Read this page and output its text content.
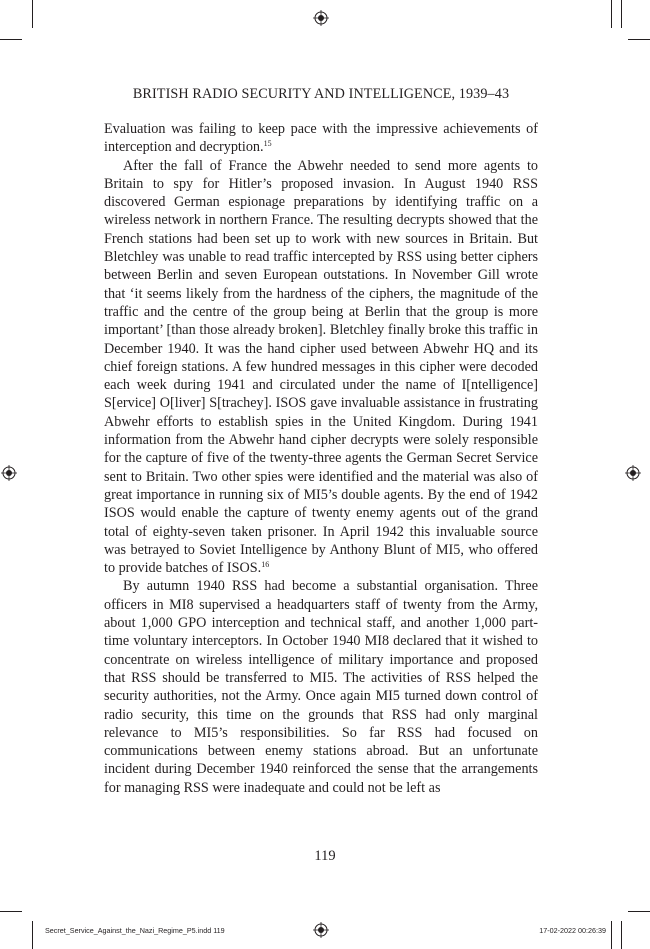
BRITISH RADIO SECURITY AND INTELLIGENCE, 1939–43

Evaluation was failing to keep pace with the impressive achievements of interception and decryption.$^{15}$

After the fall of France the Abwehr needed to send more agents to Britain to spy for Hitler’s proposed invasion. In August 1940 RSS discovered German espionage preparations by identifying traffic on a wireless network in northern France. The resulting decrypts showed that the French stations had been set up to work with new sources in Britain. But Bletchley was unable to read traffic intercepted by RSS using better ciphers between Berlin and seven European outstations. In November Gill wrote that ‘it seems likely from the hardness of the ciphers, the magnitude of the traffic and the centre of the group being at Berlin that the group is more important’ [than those already broken]. Bletchley finally broke this traffic in December 1940. It was the hand cipher used between Abwehr HQ and its chief foreign stations. A few hundred messages in this cipher were decoded each week during 1941 and circulated under the name of I[ntelligence] S[ervice] O[liver] S[trachey]. ISOS gave invaluable assistance in frustrating Abwehr efforts to establish spies in the United Kingdom. During 1941 information from the Abwehr hand cipher decrypts were solely responsible for the capture of five of the twenty-three agents the German Secret Service sent to Britain. Two other spies were identified and the material was also of great importance in running six of MI5’s double agents. By the end of 1942 ISOS would enable the capture of twenty enemy agents out of the grand total of eighty-seven taken prisoner. In April 1942 this invaluable source was betrayed to Soviet Intelligence by Anthony Blunt of MI5, who offered to provide batches of ISOS.$^{16}$

By autumn 1940 RSS had become a substantial organisation. Three officers in MI8 supervised a headquarters staff of twenty from the Army, about 1,000 GPO interception and technical staff, and another 1,000 part-time voluntary interceptors. In October 1940 MI8 declared that it wished to concentrate on wireless intelligence of military importance and proposed that RSS should be transferred to MI5. The activities of RSS helped the security authorities, not the Army. Once again MI5 turned down control of radio security, this time on the grounds that RSS had only marginal relevance to MI5’s responsibilities. So far RSS had focused on communications between enemy stations abroad. But an unfortunate incident during December 1940 reinforced the sense that the arrangements for managing RSS were inadequate and could not be left as

119
Secret_Service_Against_the_Nazi_Regime_P5.indd 119	17-02-2022 00:26:39
